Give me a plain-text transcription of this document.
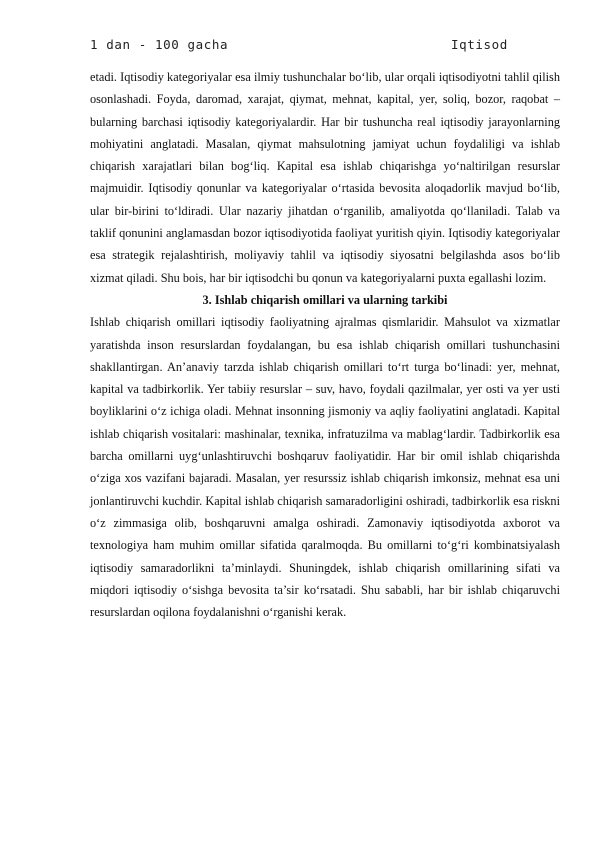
1 dan - 100 gacha	Iqtisod

etadi. Iqtisodiy kategoriyalar esa ilmiy tushunchalar bo‘lib, ular orqali iqtisodiyotni tahlil qilish osonlashadi. Foyda, daromad, xarajat, qiymat, mehnat, kapital, yer, soliq, bozor, raqobat – bularning barchasi iqtisodiy kategoriyalardir. Har bir tushuncha real iqtisodiy jarayonlarning mohiyatini anglatadi. Masalan, qiymat mahsulotning jamiyat uchun foydaliligi va ishlab chiqarish xarajatlari bilan bog‘liq. Kapital esa ishlab chiqarishga yo‘naltirilgan resurslar majmuidir. Iqtisodiy qonunlar va kategoriyalar o‘rtasida bevosita aloqadorlik mavjud bo‘lib, ular bir-birini to‘ldiradi. Ular nazariy jihatdan o‘rganilib, amaliyotda qo‘llaniladi. Talab va taklif qonunini anglamasdan bozor iqtisodiyotida faoliyat yuritish qiyin. Iqtisodiy kategoriyalar esa strategik rejalashtirish, moliyaviy tahlil va iqtisodiy siyosatni belgilashda asos bo‘lib xizmat qiladi. Shu bois, har bir iqtisodchi bu qonun va kategoriyalarni puxta egallashi lozim.

3. Ishlab chiqarish omillari va ularning tarkibi

Ishlab chiqarish omillari iqtisodiy faoliyatning ajralmas qismlaridir. Mahsulot va xizmatlar yaratishda inson resurslardan foydalangan, bu esa ishlab chiqarish omillari tushunchasini shakllantirgan. An’anaviy tarzda ishlab chiqarish omillari to‘rt turga bo‘linadi: yer, mehnat, kapital va tadbirkorlik. Yer tabiiy resurslar – suv, havo, foydali qazilmalar, yer osti va yer usti boyliklarini o‘z ichiga oladi. Mehnat insonning jismoniy va aqliy faoliyatini anglatadi. Kapital ishlab chiqarish vositalari: mashinalar, texnika, infratuzilma va mablag‘lardir. Tadbirkorlik esa barcha omillarni uyg‘unlashtiruvchi boshqaruv faoliyatidir. Har bir omil ishlab chiqarishda o‘ziga xos vazifani bajaradi. Masalan, yer resurssiz ishlab chiqarish imkonsiz, mehnat esa uni jonlantiruvchi kuchdir. Kapital ishlab chiqarish samaradorligini oshiradi, tadbirkorlik esa riskni o‘z zimmasiga olib, boshqaruvni amalga oshiradi. Zamonaviy iqtisodiyotda axborot va texnologiya ham muhim omillar sifatida qaralmoqda. Bu omillarni to‘g‘ri kombinatsiyalash iqtisodiy samaradorlikni ta’minlaydi. Shuningdek, ishlab chiqarish omillarining sifati va miqdori iqtisodiy o‘sishga bevosita ta’sir ko‘rsatadi. Shu sababli, har bir ishlab chiqaruvchi resurslardan oqilona foydalanishni o‘rganishi kerak.
